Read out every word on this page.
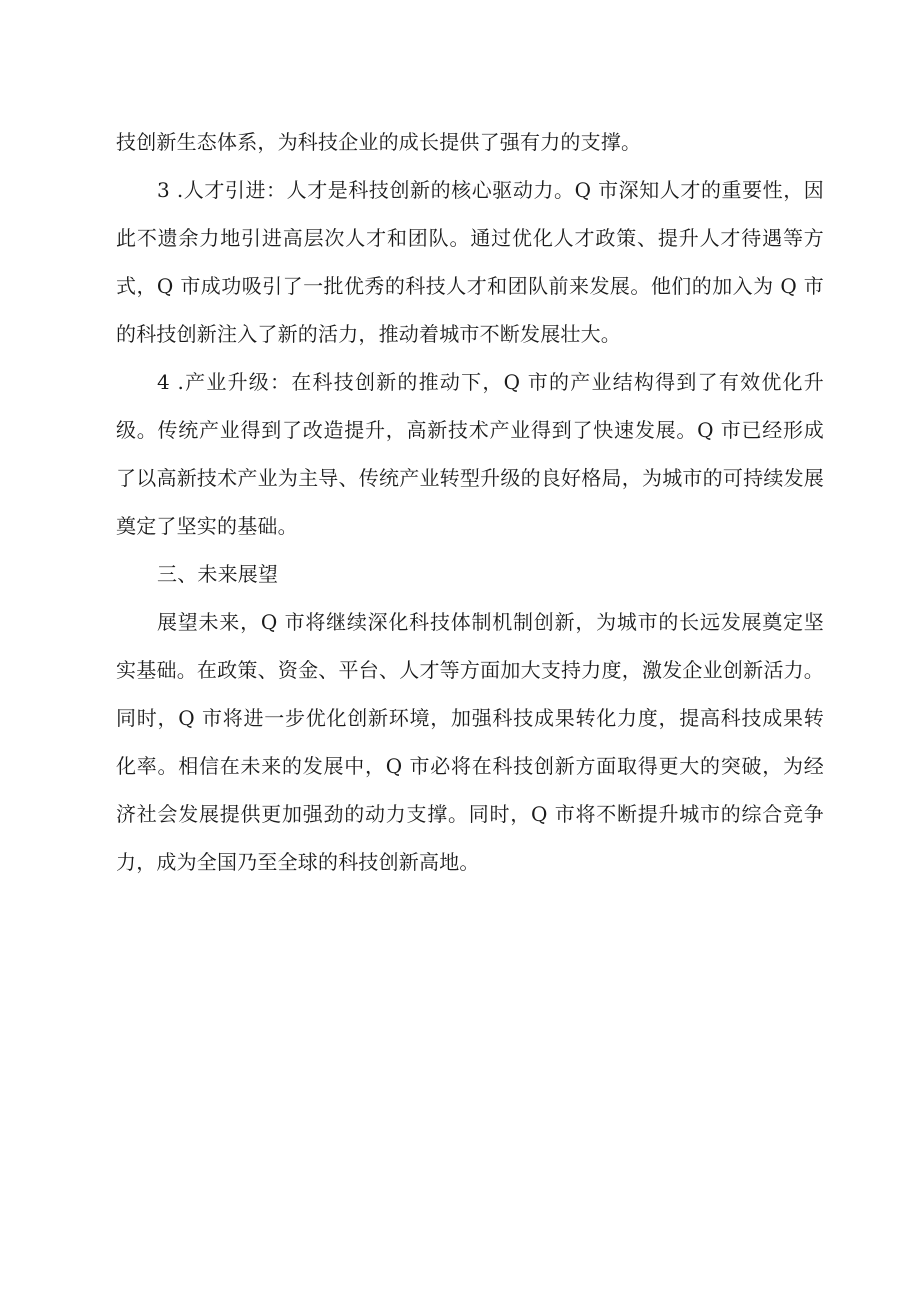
技创新生态体系，为科技企业的成长提供了强有力的支撑。

3 .人才引进：人才是科技创新的核心驱动力。Q 市深知人才的重要性，因此不遗余力地引进高层次人才和团队。通过优化人才政策、提升人才待遇等方式，Q 市成功吸引了一批优秀的科技人才和团队前来发展。他们的加入为 Q 市的科技创新注入了新的活力，推动着城市不断发展壮大。

4 .产业升级：在科技创新的推动下，Q 市的产业结构得到了有效优化升级。传统产业得到了改造提升，高新技术产业得到了快速发展。Q 市已经形成了以高新技术产业为主导、传统产业转型升级的良好格局，为城市的可持续发展奠定了坚实的基础。

三、未来展望

展望未来，Q 市将继续深化科技体制机制创新，为城市的长远发展奠定坚实基础。在政策、资金、平台、人才等方面加大支持力度，激发企业创新活力。同时，Q 市将进一步优化创新环境，加强科技成果转化力度，提高科技成果转化率。相信在未来的发展中，Q 市必将在科技创新方面取得更大的突破，为经济社会发展提供更加强劲的动力支撑。同时，Q 市将不断提升城市的综合竞争力，成为全国乃至全球的科技创新高地。
